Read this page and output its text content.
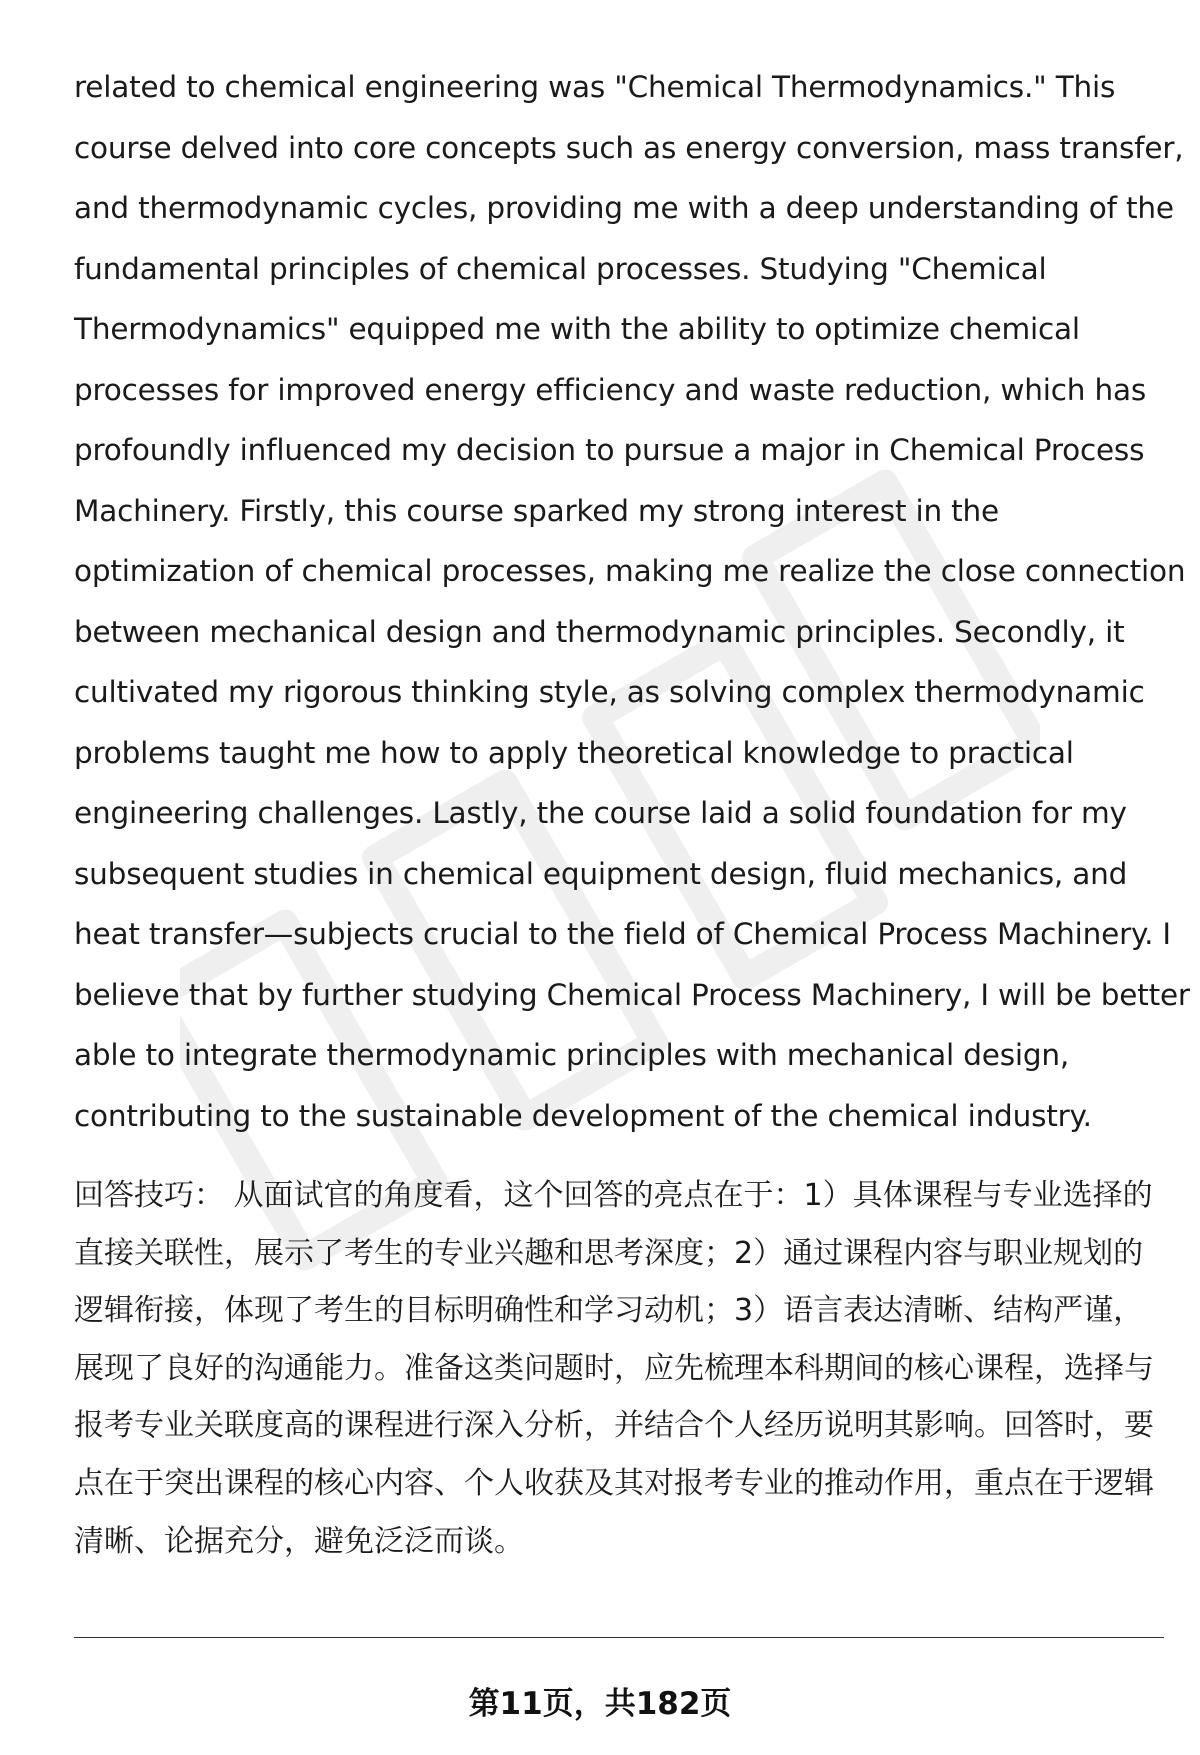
related to chemical engineering was "Chemical Thermodynamics." This
course delved into core concepts such as energy conversion, mass transfer,
and thermodynamic cycles, providing me with a deep understanding of the
fundamental principles of chemical processes. Studying "Chemical
Thermodynamics" equipped me with the ability to optimize chemical
processes for improved energy efficiency and waste reduction, which has
profoundly influenced my decision to pursue a major in Chemical Process
Machinery. Firstly, this course sparked my strong interest in the
optimization of chemical processes, making me realize the close connection
between mechanical design and thermodynamic principles. Secondly, it
cultivated my rigorous thinking style, as solving complex thermodynamic
problems taught me how to apply theoretical knowledge to practical
engineering challenges. Lastly, the course laid a solid foundation for my
subsequent studies in chemical equipment design, fluid mechanics, and
heat transfer—subjects crucial to the field of Chemical Process Machinery. I
believe that by further studying Chemical Process Machinery, I will be better
able to integrate thermodynamic principles with mechanical design,
contributing to the sustainable development of the chemical industry.
回答技巧： 从面试官的角度看，这个回答的亮点在于：1）具体课程与专业选择的
直接关联性，展示了考生的专业兴趣和思考深度；2）通过课程内容与职业规划的
逻辑衔接，体现了考生的目标明确性和学习动机；3）语言表达清晰、结构严谨，
展现了良好的沟通能力。准备这类问题时，应先梳理本科期间的核心课程，选择与
报考专业关联度高的课程进行深入分析，并结合个人经历说明其影响。回答时，要
点在于突出课程的核心内容、个人收获及其对报考专业的推动作用，重点在于逻辑
清晰、论据充分，避免泛泛而谈。
第11页，共182页
